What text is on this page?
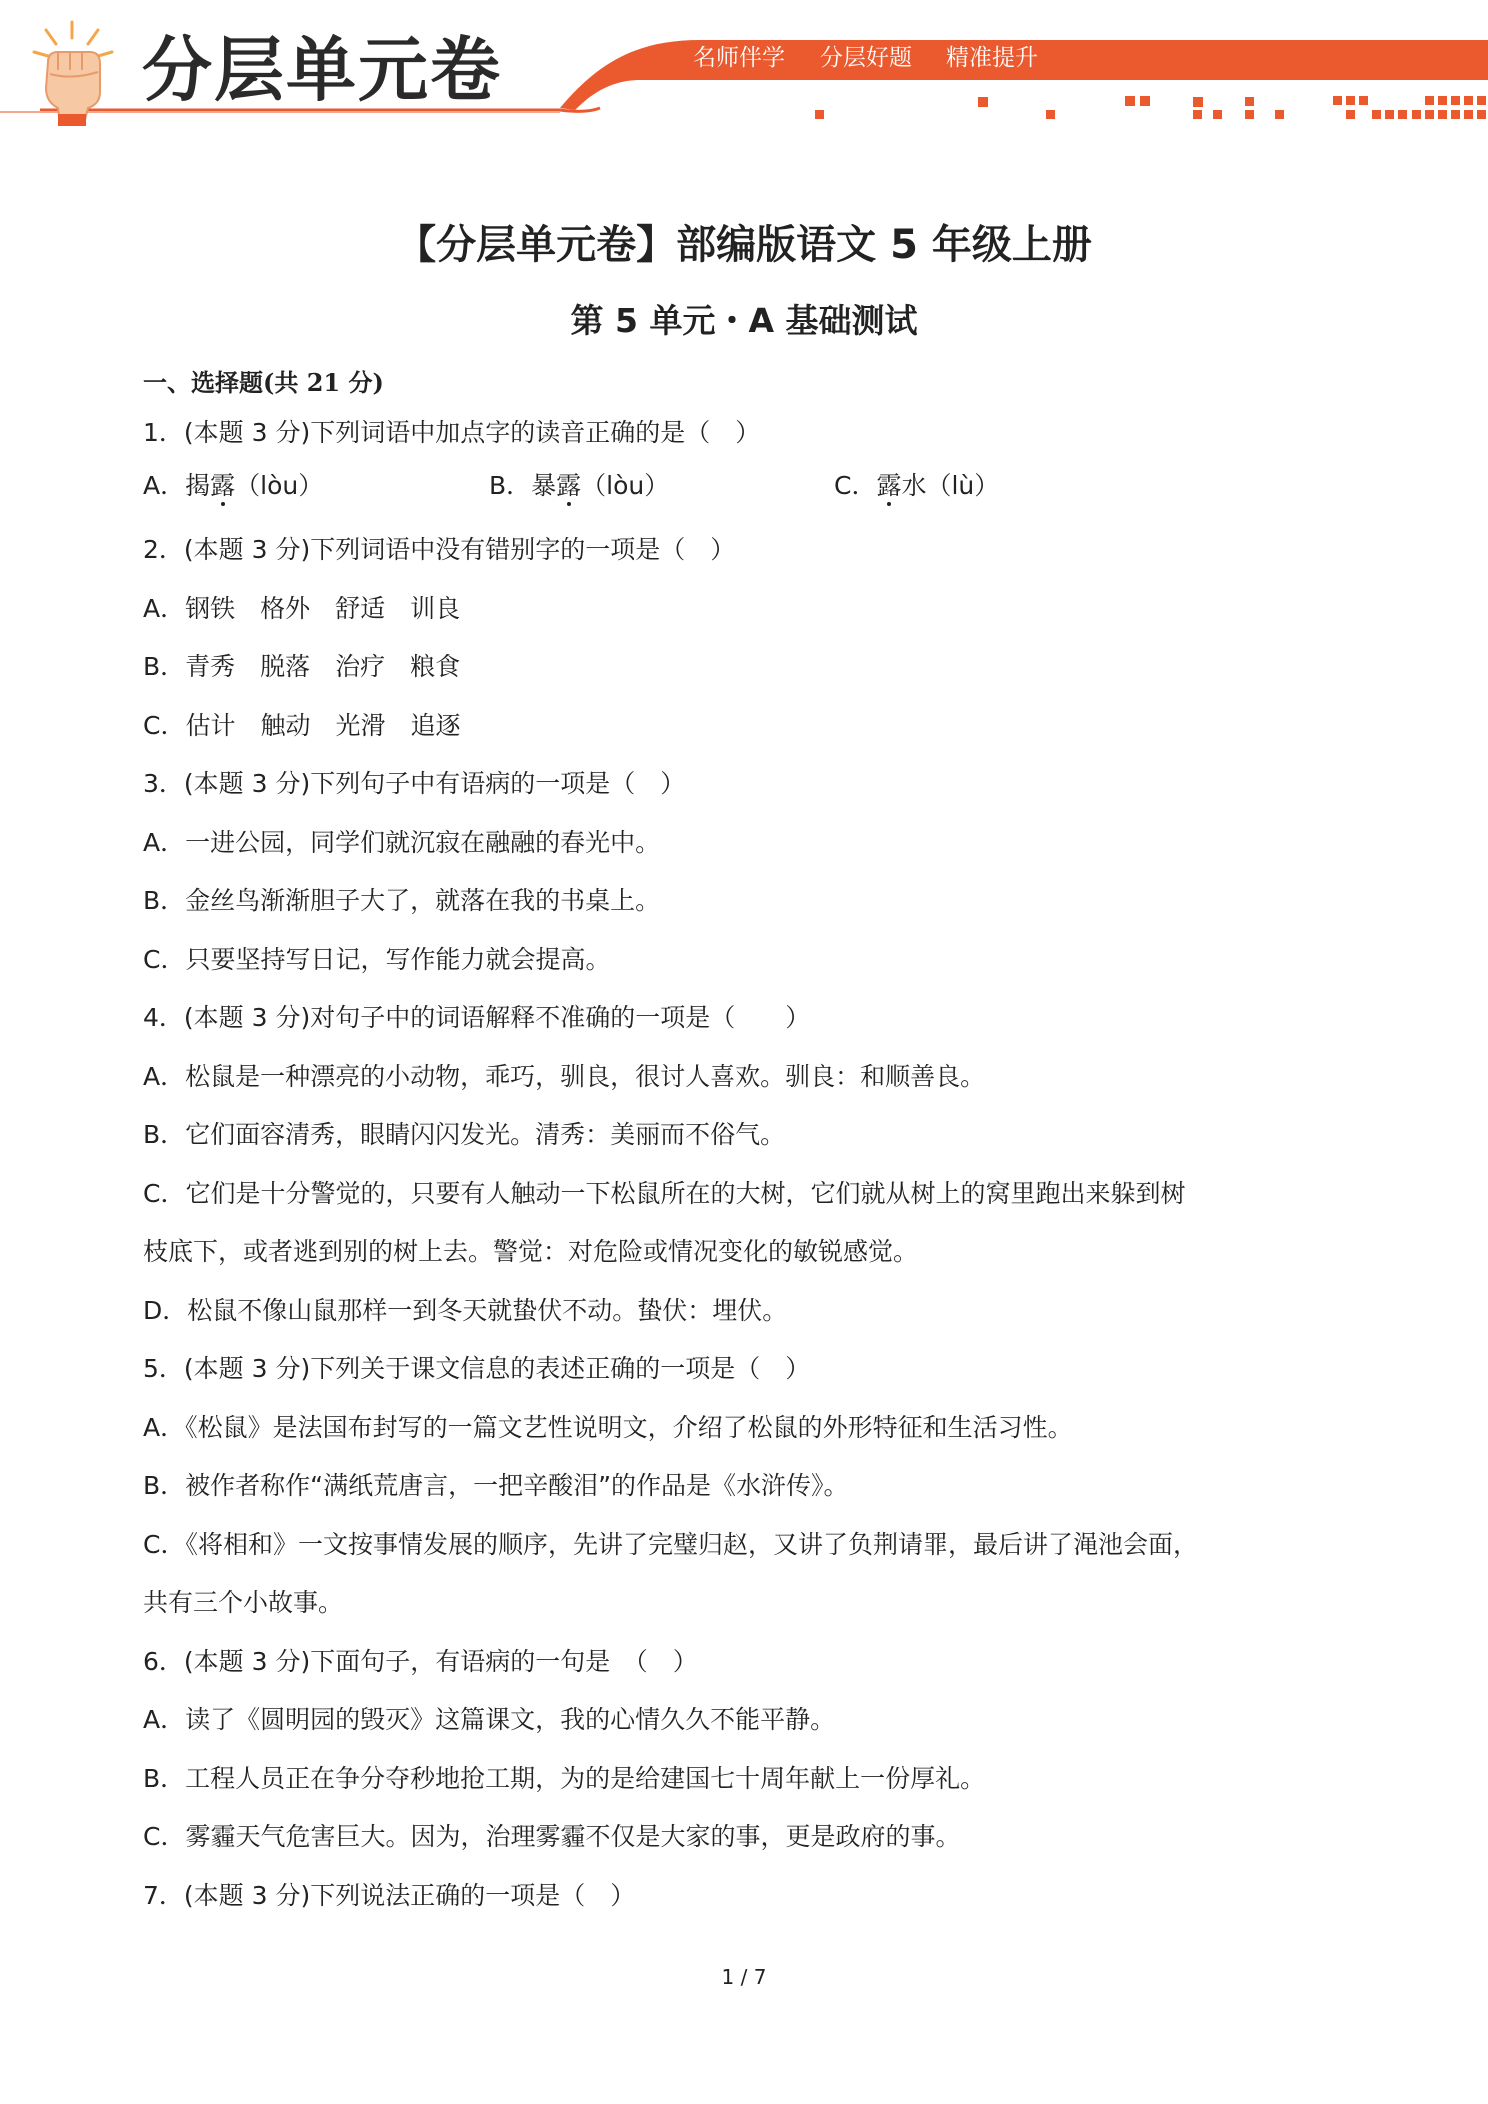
分层单元卷	名师伴学 分层好题 精准提升
【分层单元卷】部编版语文 5 年级上册
第 5 单元・A 基础测试
一、选择题(共 21 分)
1．(本题 3 分)下列词语中加点字的读音正确的是（　）
A．揭露（lòu）	B．暴露（lòu）	C．露水（lù）
2．(本题 3 分)下列词语中没有错别字的一项是（　）
A．钢铁　格外　舒适　训良
B．青秀　脱落　治疗　粮食
C．估计　触动　光滑　追逐
3．(本题 3 分)下列句子中有语病的一项是（　）
A．一进公园，同学们就沉寂在融融的春光中。
B．金丝鸟渐渐胆子大了，就落在我的书桌上。
C．只要坚持写日记，写作能力就会提高。
4．(本题 3 分)对句子中的词语解释不准确的一项是（　　）
A．松鼠是一种漂亮的小动物，乖巧，驯良，很讨人喜欢。驯良：和顺善良。
B．它们面容清秀，眼睛闪闪发光。清秀：美丽而不俗气。
C．它们是十分警觉的，只要有人触动一下松鼠所在的大树，它们就从树上的窝里跑出来躲到树
枝底下，或者逃到别的树上去。警觉：对危险或情况变化的敏锐感觉。
D．松鼠不像山鼠那样一到冬天就蛰伏不动。蛰伏：埋伏。
5．(本题 3 分)下列关于课文信息的表述正确的一项是（　）
A．《松鼠》是法国布封写的一篇文艺性说明文，介绍了松鼠的外形特征和生活习性。
B．被作者称作“满纸荒唐言，一把辛酸泪”的作品是《水浒传》。
C．《将相和》一文按事情发展的顺序，先讲了完璧归赵，又讲了负荆请罪，最后讲了渑池会面，
共有三个小故事。
6．(本题 3 分)下面句子，有语病的一句是　（　）
A．读了《圆明园的毁灭》这篇课文，我的心情久久不能平静。
B．工程人员正在争分夺秒地抢工期，为的是给建国七十周年献上一份厚礼。
C．雾霾天气危害巨大。因为，治理雾霾不仅是大家的事，更是政府的事。
7．(本题 3 分)下列说法正确的一项是（　）
1 / 7
